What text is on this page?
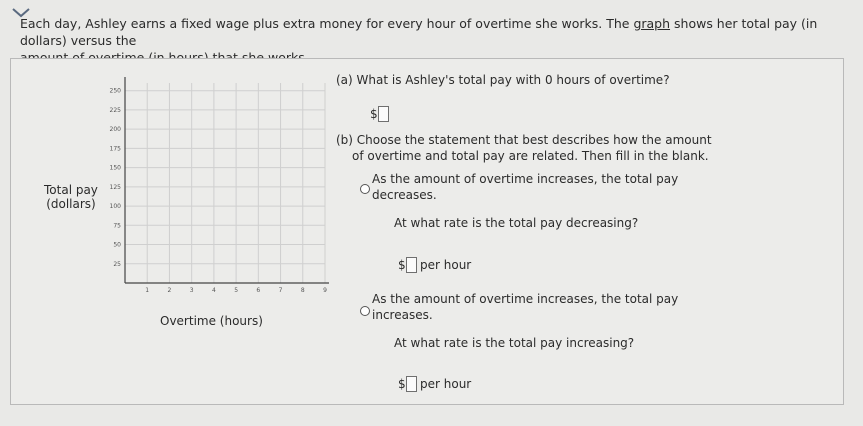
Each day, Ashley earns a fixed wage plus extra money for every hour of overtime she works. The graph shows her total pay (in dollars) versus the

Total pay
(dollars)
25
50
75
100
125
150
175
200
225
250
1	2	3	4	5	6	7	8	9
Overtime (hours)
(a) What is Ashley's total pay with 0 hours of overtime?
$
(b) Choose the statement that best describes how the amount
of overtime and total pay are related. Then fill in the blank.
As the amount of overtime increases, the total pay
decreases.
At what rate is the total pay decreasing?
$ per hour
As the amount of overtime increases, the total pay
increases.
At what rate is the total pay increasing?
$ per hour
